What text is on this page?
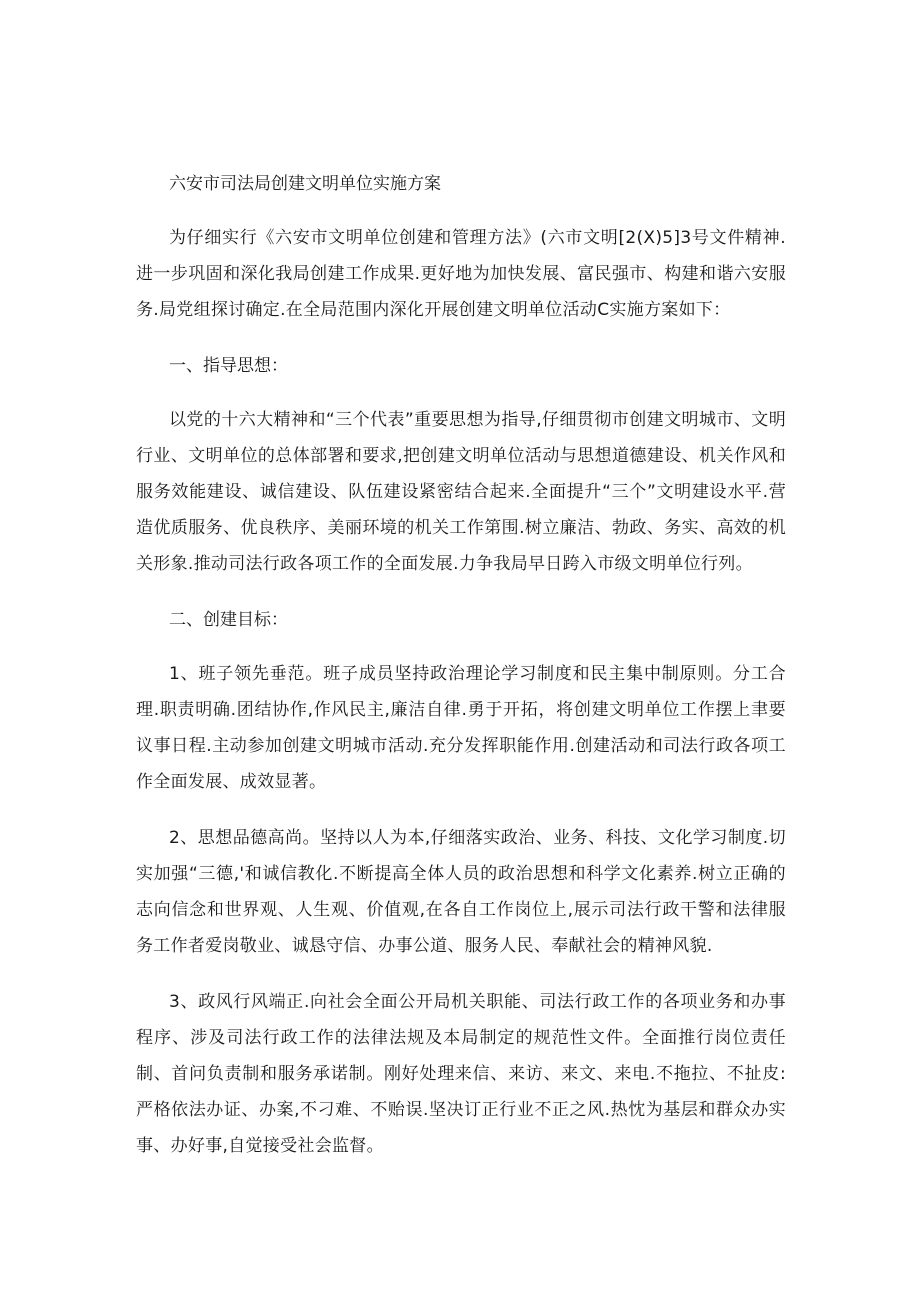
六安市司法局创建文明单位实施方案

为仔细实行《六安市文明单位创建和管理方法》(六市文明[2(X)5]3号文件精神.进一步巩固和深化我局创建工作成果.更好地为加快发展、富民强市、构建和谐六安服务.局党组探讨确定.在全局范围内深化开展创建文明单位活动C实施方案如下：

一、指导思想：

以党的十六大精神和“三个代表”重要思想为指导,仔细贯彻市创建文明城市、文明行业、文明单位的总体部署和要求,把创建文明单位活动与思想道德建设、机关作风和服务效能建设、诚信建设、队伍建设紧密结合起来.全面提升“三个”文明建设水平.营造优质服务、优良秩序、美丽环境的机关工作第围.树立廉洁、勃政、务实、高效的机关形象.推动司法行政各项工作的全面发展.力争我局早日跨入市级文明单位行列。

二、创建目标：

1、班子领先垂范。班子成员坚持政治理论学习制度和民主集中制原则。分工合理.职责明确.团结协作,作风民主,廉洁自律.勇于开拓，将创建文明单位工作摆上聿要议事日程.主动参加创建文明城市活动.充分发挥职能作用.创建活动和司法行政各项工作全面发展、成效显著。

2、思想品德高尚。坚持以人为本,仔细落实政治、业务、科技、文化学习制度.切实加强“三德,'和诚信教化.不断提高全体人员的政治思想和科学文化素养.树立正确的志向信念和世界观、人生观、价值观,在各自工作岗位上,展示司法行政干警和法律服务工作者爱岗敬业、诚恳守信、办事公道、服务人民、奉献社会的精神风貌.

3、政风行风端正.向社会全面公开局机关职能、司法行政工作的各项业务和办事程序、涉及司法行政工作的法律法规及本局制定的规范性文件。全面推行岗位责任制、首问负责制和服务承诺制。刚好处理来信、来访、来文、来电.不拖拉、不扯皮:严格依法办证、办案,不刁难、不贻误.坚决订正行业不正之风.热忱为基层和群众办实事、办好事,自觉接受社会监督。
